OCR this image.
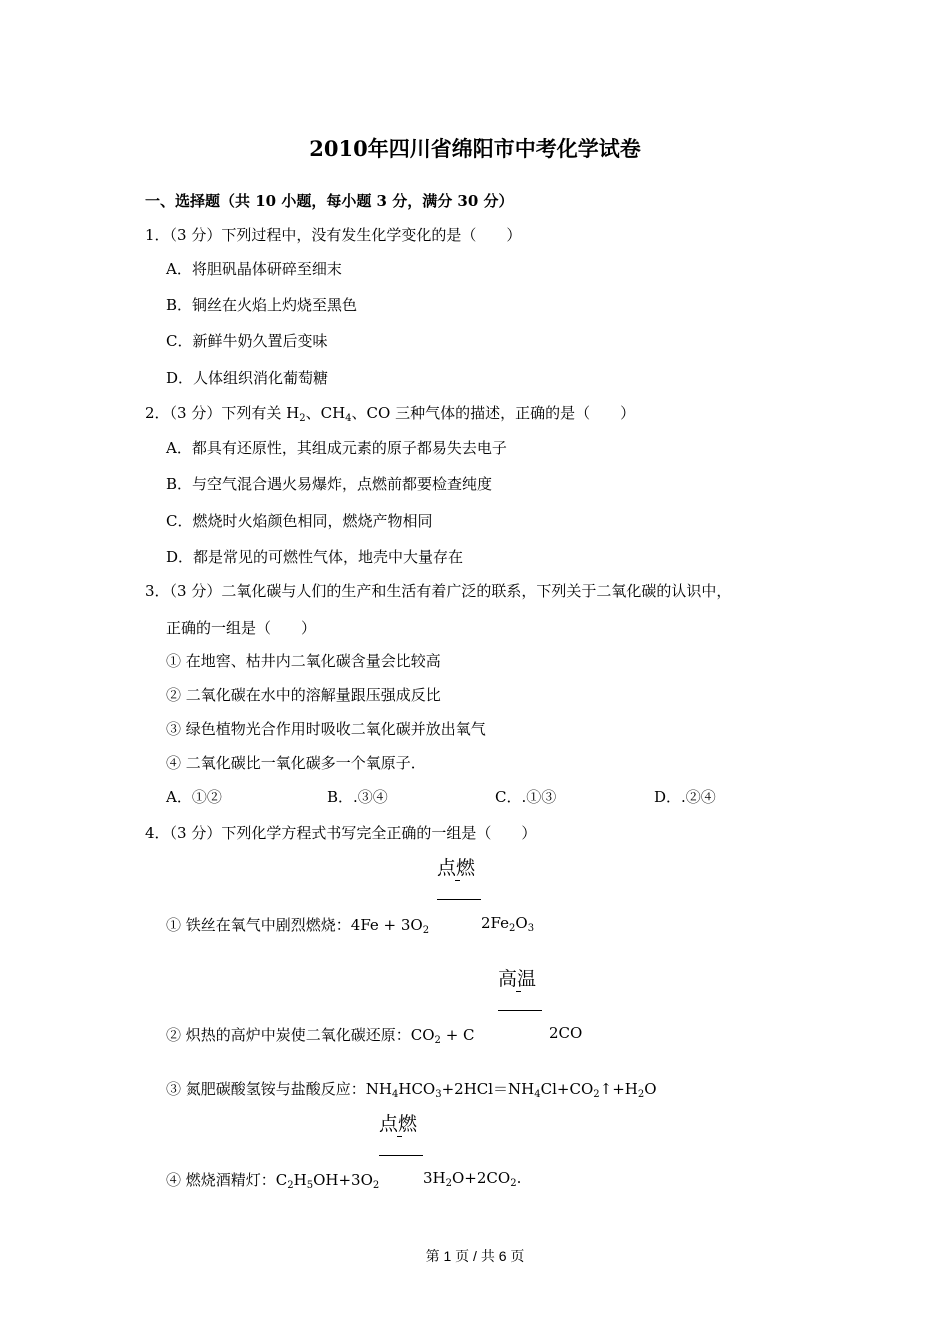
2010年四川省绵阳市中考化学试卷
一、选择题（共 10 小题，每小题 3 分，满分 30 分）
1．（3 分）下列过程中，没有发生化学变化的是（　　）
A．将胆矾晶体研碎至细末
B．铜丝在火焰上灼烧至黑色
C．新鲜牛奶久置后变味
D．人体组织消化葡萄糖
2．（3 分）下列有关 $H_2$、$CH_4$、CO 三种气体的描述，正确的是（　　）
A．都具有还原性，其组成元素的原子都易失去电子
B．与空气混合遇火易爆炸，点燃前都要检查纯度
C．燃烧时火焰颜色相同，燃烧产物相同
D．都是常见的可燃性气体，地壳中大量存在
3．（3 分）二氧化碳与人们的生产和生活有着广泛的联系，下列关于二氧化碳的认识中，
正确的一组是（　　）
① 在地窖、枯井内二氧化碳含量会比较高
② 二氧化碳在水中的溶解量跟压强成反比
③ 绿色植物光合作用时吸收二氧化碳并放出氧气
④ 二氧化碳比一氧化碳多一个氧原子．
A．①②	B．.③④	C．.①③	D．.②④
4．（3 分）下列化学方程式书写完全正确的一组是（　　）
点燃
① 铁丝在氧气中剧烈燃烧：$4Fe + 3O_2$	$2Fe_2O_3$
高温
② 炽热的高炉中炭使二氧化碳还原：$CO_2 + C$	2CO
③ 氮肥碳酸氢铵与盐酸反应：$NH_4HCO_3+2HCl=NH_4Cl+CO_2↑+H_2O$
点燃
④ 燃烧酒精灯：$C_2H_5OH+3O_2$	$3H_2O+2CO_2$.
第 1 页 / 共 6 页
